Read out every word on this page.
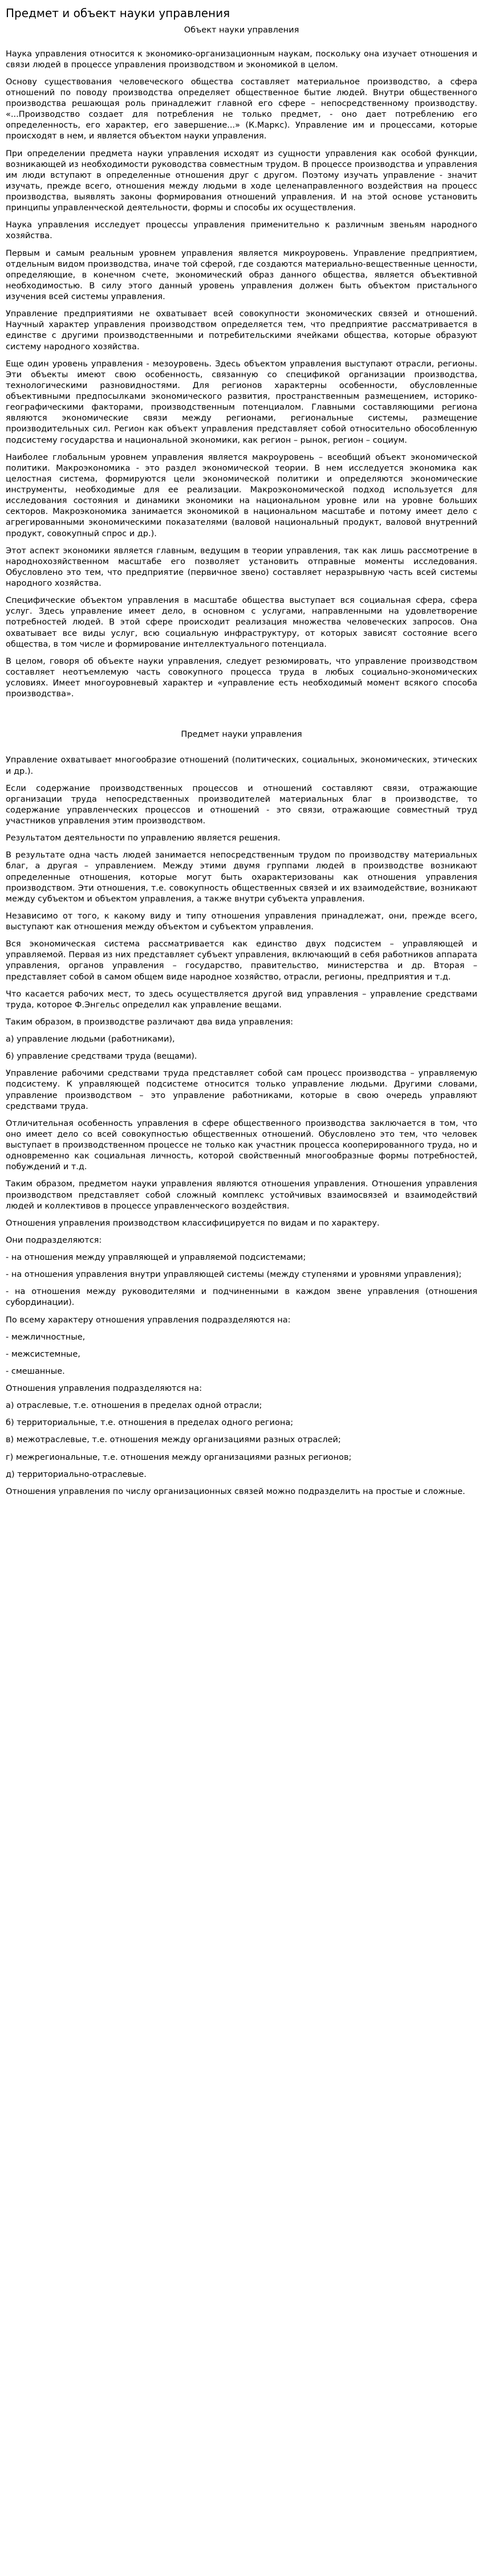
Предмет и объект науки управления
Объект науки управления
Наука управления относится к экономико-организационным наукам, поскольку она изучает отношения и связи людей в процессе управления производством и экономикой в целом.
Основу существования человеческого общества составляет материальное производство, а сфера отношений по поводу производства определяет общественное бытие людей. Внутри общественного производства решающая роль принадлежит главной его сфере – непосредственному производству. «...Производство создает для потребления не только предмет, - оно дает потреблению его определенность, его характер, его завершение...» (К.Маркс). Управление им и процессами, которые происходят в нем, и является объектом науки управления.
При определении предмета науки управления исходят из сущности управления как особой функции, возникающей из необходимости руководства совместным трудом. В процессе производства и управления им люди вступают в определенные отношения друг с другом. Поэтому изучать управление - значит изучать, прежде всего, отношения между людьми в ходе целенаправленного воздействия на процесс производства, выявлять законы формирования отношений управления. И на этой основе установить принципы управленческой деятельности, формы и способы их осуществления.
Наука управления исследует процессы управления применительно к различным звеньям народного хозяйства.
Первым и самым реальным уровнем управления является микроуровень. Управление предприятием, отдельным видом производства, иначе той сферой, где создаются материально-вещественные ценности, определяющие, в конечном счете, экономический образ данного общества, является объективной необходимостью. В силу этого данный уровень управления должен быть объектом пристального изучения всей системы управления.
Управление предприятиями не охватывает всей совокупности экономических связей и отношений. Научный характер управления производством определяется тем, что предприятие рассматривается в единстве с другими производственными и потребительскими ячейками общества, которые образуют систему народного хозяйства.
Еще один уровень управления - мезоуровень. Здесь объектом управления выступают отрасли, регионы. Эти объекты имеют свою особенность, связанную со спецификой организации производства, технологическими разновидностями. Для регионов характерны особенности, обусловленные объективными предпосылками экономического развития, пространственным размещением, историко-географическими факторами, производственным потенциалом. Главными составляющими региона являются экономические связи между регионами, региональные системы, размещение производительных сил. Регион как объект управления представляет собой относительно обособленную подсистему государства и национальной экономики, как регион – рынок, регион – социум.
Наиболее глобальным уровнем управления является макроуровень – всеобщий объект экономической политики. Макроэкономика - это раздел экономической теории. В нем исследуется экономика как целостная система, формируются цели экономической политики и определяются экономические инструменты, необходимые для ее реализации. Макроэкономической подход используется для исследования состояния и динамики экономики на национальном уровне или на уровне больших секторов. Макроэкономика занимается экономикой в национальном масштабе и потому имеет дело с агрегированными экономическими показателями (валовой национальный продукт, валовой внутренний продукт, совокупный спрос и др.).
Этот аспект экономики является главным, ведущим в теории управления, так как лишь рассмотрение в народнохозяйственном масштабе его позволяет установить отправные моменты исследования. Обусловлено это тем, что предприятие (первичное звено) составляет неразрывную часть всей системы народного хозяйства.
Специфические объектом управления в масштабе общества выступает вся социальная сфера, сфера услуг. Здесь управление имеет дело, в основном с услугами, направленными на удовлетворение потребностей людей. В этой сфере происходит реализация множества человеческих запросов. Она охватывает все виды услуг, всю социальную инфраструктуру, от которых зависят состояние всего общества, в том числе и формирование интеллектуального потенциала.
В целом, говоря об объекте науки управления, следует резюмировать, что управление производством составляет неотъемлемую часть совокупного процесса труда в любых социально-экономических условиях. Имеет многоуровневый характер и «управление есть необходимый момент всякого способа производства».
Предмет науки управления
Управление охватывает многообразие отношений (политических, социальных, экономических, этических и др.).
Если содержание производственных процессов и отношений составляют связи, отражающие организации труда непосредственных производителей материальных благ в производстве, то содержание управленческих процессов и отношений - это связи, отражающие совместный труд участников управления этим производством.
Результатом деятельности по управлению является решения.
В результате одна часть людей занимается непосредственным трудом по производству материальных благ, а другая – управлением. Между этими двумя группами людей в производстве возникают определенные отношения, которые могут быть охарактеризованы как отношения управления производством. Эти отношения, т.е. совокупность общественных связей и их взаимодействие, возникают между субъектом и объектом управления, а также внутри субъекта управления.
Независимо от того, к какому виду и типу отношения управления принадлежат, они, прежде всего, выступают как отношения между объектом и субъектом управления.
Вся экономическая система рассматривается как единство двух подсистем – управляющей и управляемой. Первая из них представляет субъект управления, включающий в себя работников аппарата управления, органов управления – государство, правительство, министерства и др. Вторая – представляет собой в самом общем виде народное хозяйство, отрасли, регионы, предприятия и т.д.
Что касается рабочих мест, то здесь осуществляется другой вид управления – управление средствами труда, которое Ф.Энгельс определил как управление вещами.
Таким образом, в производстве различают два вида управления:
а) управление людьми (работниками),
б) управление средствами труда (вещами).
Управление рабочими средствами труда представляет собой сам процесс производства – управляемую подсистему. К управляющей подсистеме относится только управление людьми. Другими словами, управление производством – это управление работниками, которые в свою очередь управляют средствами труда.
Отличительная особенность управления в сфере общественного производства заключается в том, что оно имеет дело со всей совокупностью общественных отношений. Обусловлено это тем, что человек выступает в производственном процессе не только как участник процесса кооперированного труда, но и одновременно как социальная личность, которой свойственный многообразные формы потребностей, побуждений и т.д.
Таким образом, предметом науки управления являются отношения управления. Отношения управления производством представляет собой сложный комплекс устойчивых взаимосвязей и взаимодействий людей и коллективов в процессе управленческого воздействия.
Отношения управления производством классифицируется по видам и по характеру.
Они подразделяются:
- на отношения между управляющей и управляемой подсистемами;
- на отношения управления внутри управляющей системы (между ступенями и уровнями управления);
- на отношения между руководителями и подчиненными в каждом звене управления (отношения субординации).
По всему характеру отношения управления подразделяются на:
- межличностные,
- межсистемные,
- смешанные.
Отношения управления подразделяются на:
а) отраслевые, т.е. отношения в пределах одной отрасли;
б) территориальные, т.е. отношения в пределах одного региона;
в) межотраслевые, т.е. отношения между организациями разных отраслей;
г) межрегиональные, т.е. отношения между организациями разных регионов;
д) территориально-отраслевые.
Отношения управления по числу организационных связей можно подразделить на простые и сложные.
